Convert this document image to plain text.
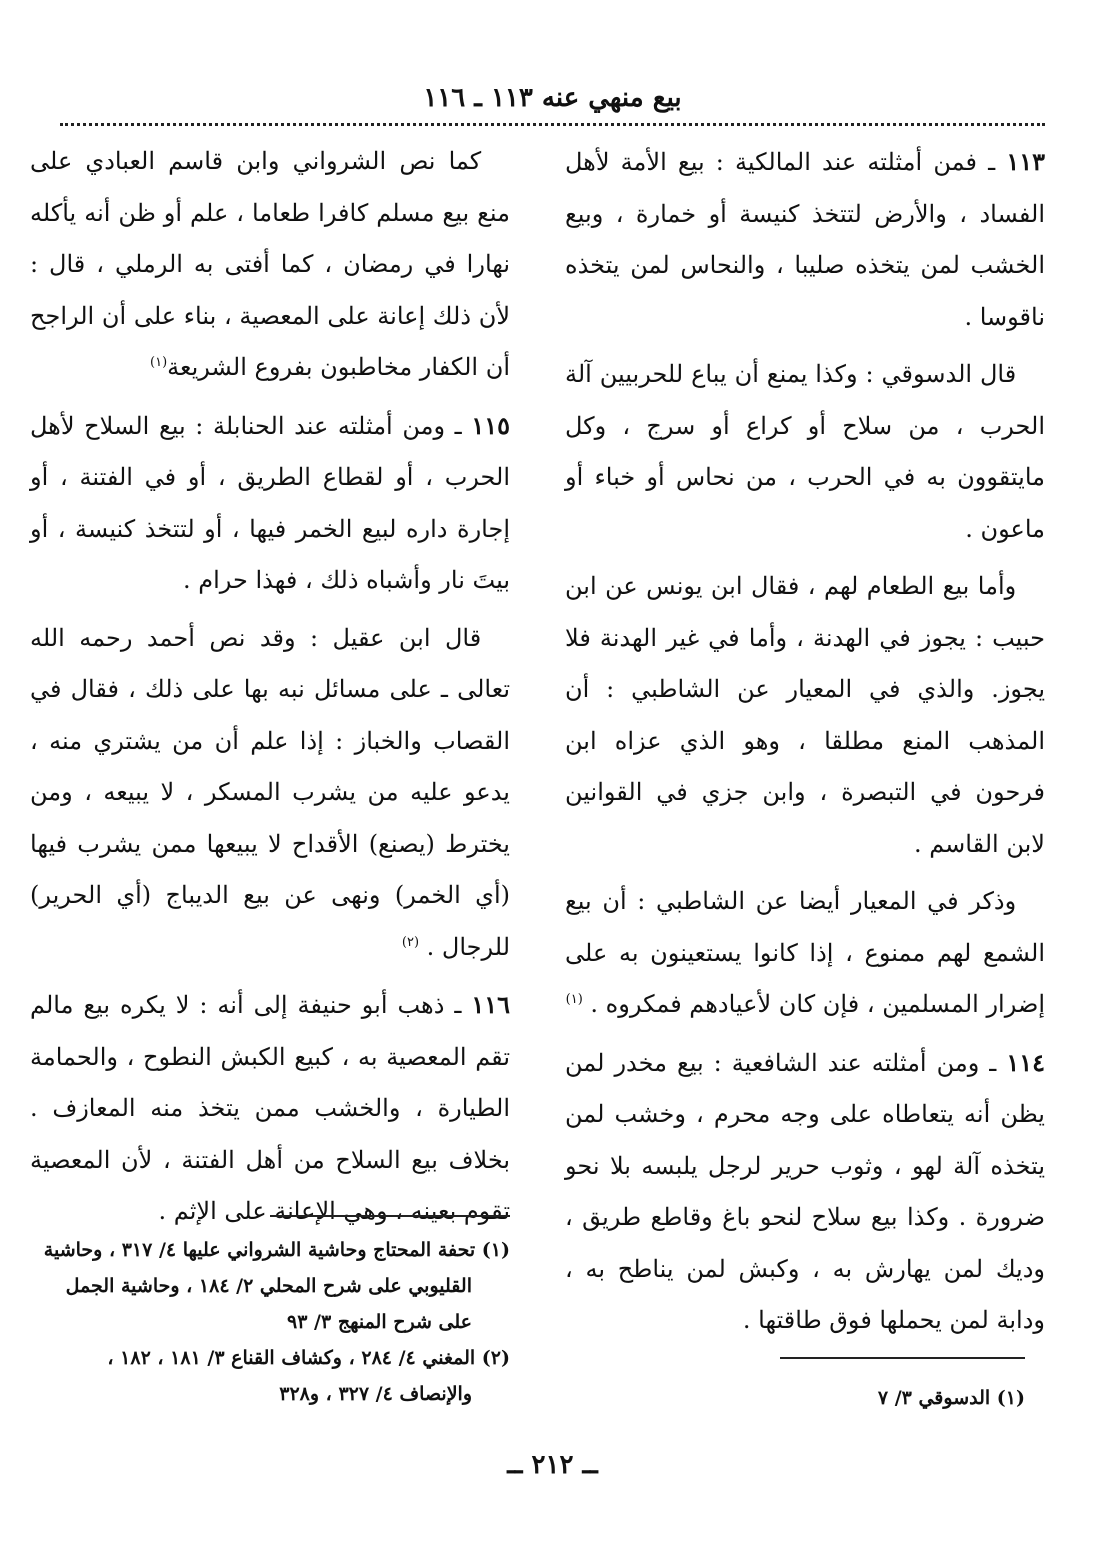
بيع منهي عنه ١١٣ ـ ١١٦

١١٣ ـ فمن أمثلته عند المالكية : بيع الأمة لأهل الفساد ، والأرض لتتخذ كنيسة أو خمارة ، وبيع الخشب لمن يتخذه صليبا ، والنحاس لمن يتخذه ناقوسا .

قال الدسوقي : وكذا يمنع أن يباع للحربيين آلة الحرب ، من سلاح أو كراع أو سرج ، وكل مايتقوون به في الحرب ، من نحاس أو خباء أو ماعون .

وأما بيع الطعام لهم ، فقال ابن يونس عن ابن حبيب : يجوز في الهدنة ، وأما في غير الهدنة فلا يجوز. والذي في المعيار عن الشاطبي : أن المذهب المنع مطلقا ، وهو الذي عزاه ابن فرحون في التبصرة ، وابن جزي في القوانين لابن القاسم .

وذكر في المعيار أيضا عن الشاطبي : أن بيع الشمع لهم ممنوع ، إذا كانوا يستعينون به على إضرار المسلمين ، فإن كان لأعيادهم فمكروه . $^{(١)}$

١١٤ ـ ومن أمثلته عند الشافعية : بيع مخدر لمن يظن أنه يتعاطاه على وجه محرم ، وخشب لمن يتخذه آلة لهو ، وثوب حرير لرجل يلبسه بلا نحو ضرورة . وكذا بيع سلاح لنحو باغ وقاطع طريق ، وديك لمن يهارش به ، وكبش لمن يناطح به ، ودابة لمن يحملها فوق طاقتها .

كما نص الشرواني وابن قاسم العبادي على منع بيع مسلم كافرا طعاما ، علم أو ظن أنه يأكله نهارا في رمضان ، كما أفتى به الرملي ، قال : لأن ذلك إعانة على المعصية ، بناء على أن الراجح أن الكفار مخاطبون بفروع الشريعة$^{(١)}$

١١٥ ـ ومن أمثلته عند الحنابلة : بيع السلاح لأهل الحرب ، أو لقطاع الطريق ، أو في الفتنة ، أو إجارة داره لبيع الخمر فيها ، أو لتتخذ كنيسة ، أو بيتَ نار وأشباه ذلك ، فهذا حرام .

قال ابن عقيل : وقد نص أحمد رحمه الله تعالى ـ على مسائل نبه بها على ذلك ، فقال في القصاب والخباز : إذا علم أن من يشتري منه ، يدعو عليه من يشرب المسكر ، لا يبيعه ، ومن يخترط (يصنع) الأقداح لا يبيعها ممن يشرب فيها (أي الخمر) ونهى عن بيع الديباج (أي الحرير) للرجال . $^{(٢)}$

١١٦ ـ ذهب أبو حنيفة إلى أنه : لا يكره بيع مالم تقم المعصية به ، كبيع الكبش النطوح ، والحمامة الطيارة ، والخشب ممن يتخذ منه المعازف . بخلاف بيع السلاح من أهل الفتنة ، لأن المعصية تقوم بعينه ، وهي الإعانة على الإثم .

(١) الدسوقي ٣/ ٧

(١) تحفة المحتاج وحاشية الشرواني عليها ٤/ ٣١٧ ، وحاشية القليوبي على شرح المحلي ٢/ ١٨٤ ، وحاشية الجمل على شرح المنهج ٣/ ٩٣

(٢) المغني ٤/ ٢٨٤ ، وكشاف القناع ٣/ ١٨١ ، ١٨٢ ، والإنصاف ٤/ ٣٢٧ ، و٣٢٨

ــ ٢١٢ ــ
